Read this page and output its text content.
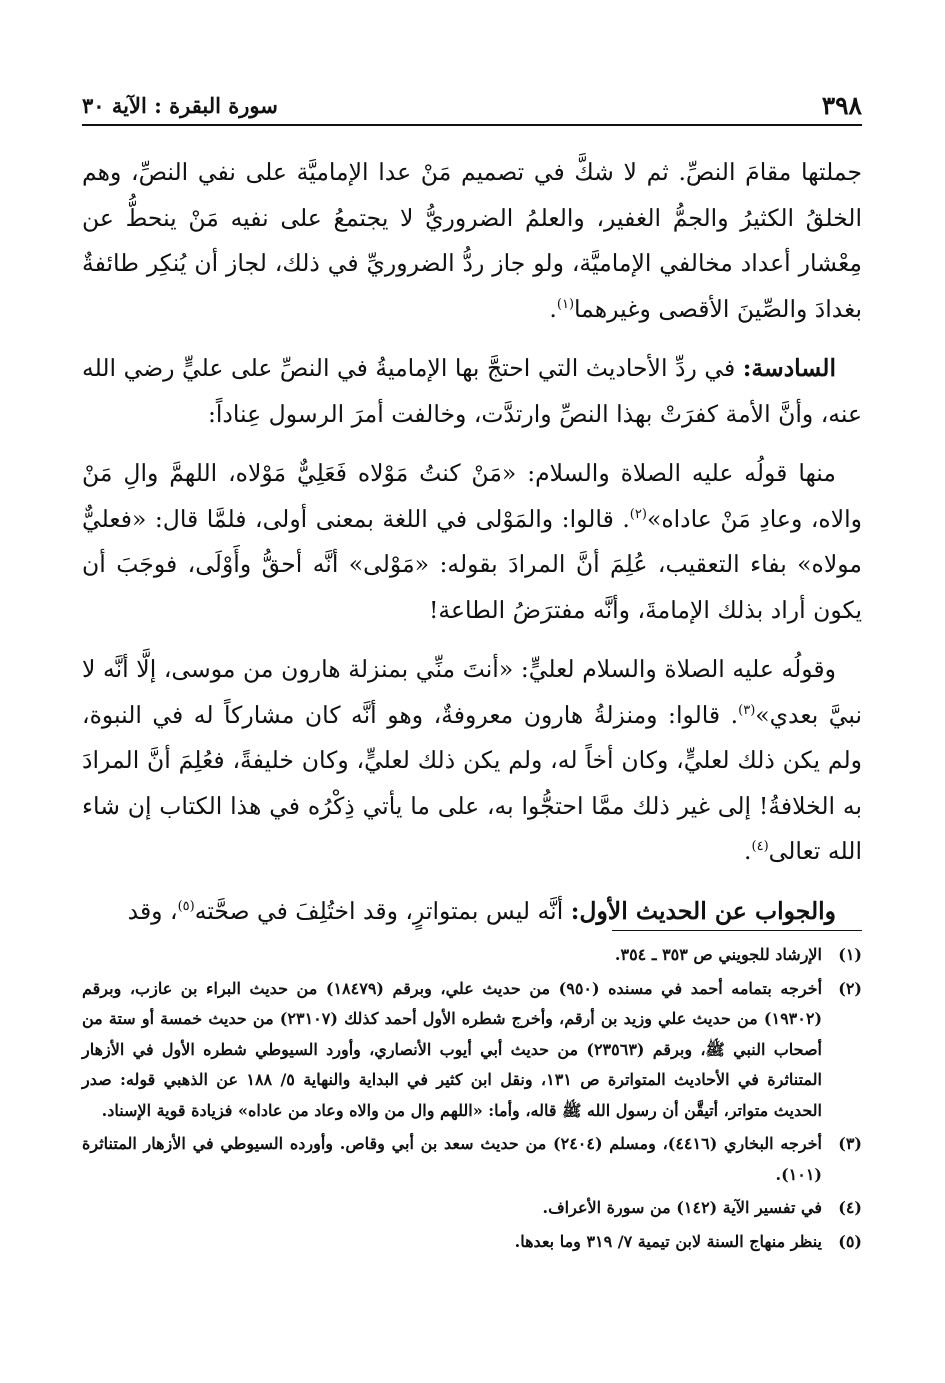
٣٩٨
سورة البقرة : الآية ٣٠

جملتها مقامَ النصِّ. ثم لا شكَّ في تصميم مَنْ عدا الإماميَّة على نفي النصِّ، وهم الخلقُ الكثيرُ والجمُّ الغفير، والعلمُ الضروريُّ لا يجتمعُ على نفيه مَنْ ينحطُّ عن مِعْشار أعداد مخالفي الإماميَّة، ولو جاز ردُّ الضروريِّ في ذلك، لجاز أن يُنكِر طائفةٌ بغدادَ والصِّينَ الأقصى وغيرهما$^{(١)}$.

السادسة: في ردِّ الأحاديث التي احتجَّ بها الإماميةُ في النصِّ على عليٍّ رضي الله عنه، وأنَّ الأمة كفرَتْ بهذا النصِّ وارتدَّت، وخالفت أمرَ الرسول عِناداً:

منها قولُه عليه الصلاة والسلام: «مَنْ كنتُ مَوْلاه فَعَلِيٌّ مَوْلاه، اللهمَّ والِ مَنْ والاه، وعادِ مَنْ عاداه»$^{(٢)}$. قالوا: والمَوْلى في اللغة بمعنى أولى، فلمَّا قال: «فعليٌّ مولاه» بفاء التعقيب، عُلِمَ أنَّ المرادَ بقوله: «مَوْلى» أنَّه أحقُّ وأَوْلَى، فوجَبَ أن يكون أراد بذلك الإمامةَ، وأنَّه مفترَضُ الطاعة!

وقولُه عليه الصلاة والسلام لعليٍّ: «أنتَ منِّي بمنزلة هارون من موسى، إلَّا أنَّه لا نبيَّ بعدي»$^{(٣)}$. قالوا: ومنزلةُ هارون معروفةٌ، وهو أنَّه كان مشاركاً له في النبوة، ولم يكن ذلك لعليٍّ، وكان أخاً له، ولم يكن ذلك لعليٍّ، وكان خليفةً، فعُلِمَ أنَّ المرادَ به الخلافةُ! إلى غير ذلك ممَّا احتجُّوا به، على ما يأتي ذِكْرُه في هذا الكتاب إن شاء الله تعالى$^{(٤)}$.

والجواب عن الحديث الأول: أنَّه ليس بمتواترٍ، وقد اختُلِفَ في صحَّته$^{(٥)}$، وقد

(١)
الإرشاد للجويني ص ٣٥٣ ـ ٣٥٤.
(٢)
أخرجه بتمامه أحمد في مسنده (٩٥٠) من حديث علي، وبرقم (١٨٤٧٩) من حديث البراء بن عازب، وبرقم (١٩٣٠٢) من حديث علي وزيد بن أرقم، وأخرج شطره الأول أحمد كذلك (٢٣١٠٧) من حديث خمسة أو ستة من أصحاب النبي ﷺ، وبرقم (٢٣٥٦٣) من حديث أبي أيوب الأنصاري، وأورد السيوطي شطره الأول في الأزهار المتناثرة في الأحاديث المتواترة ص ١٣١، ونقل ابن كثير في البداية والنهاية ٥/ ١٨٨ عن الذهبي قوله: صدر الحديث متواتر، أتيقَّن أن رسول الله ﷺ قاله، وأما: «اللهم وال من والاه وعاد من عاداه» فزيادة قوية الإسناد.
(٣)
أخرجه البخاري (٤٤١٦)، ومسلم (٢٤٠٤) من حديث سعد بن أبي وقاص. وأورده السيوطي في الأزهار المتناثرة (١٠١).
(٤)
في تفسير الآية (١٤٢) من سورة الأعراف.
(٥)
ينظر منهاج السنة لابن تيمية ٧/ ٣١٩ وما بعدها.
